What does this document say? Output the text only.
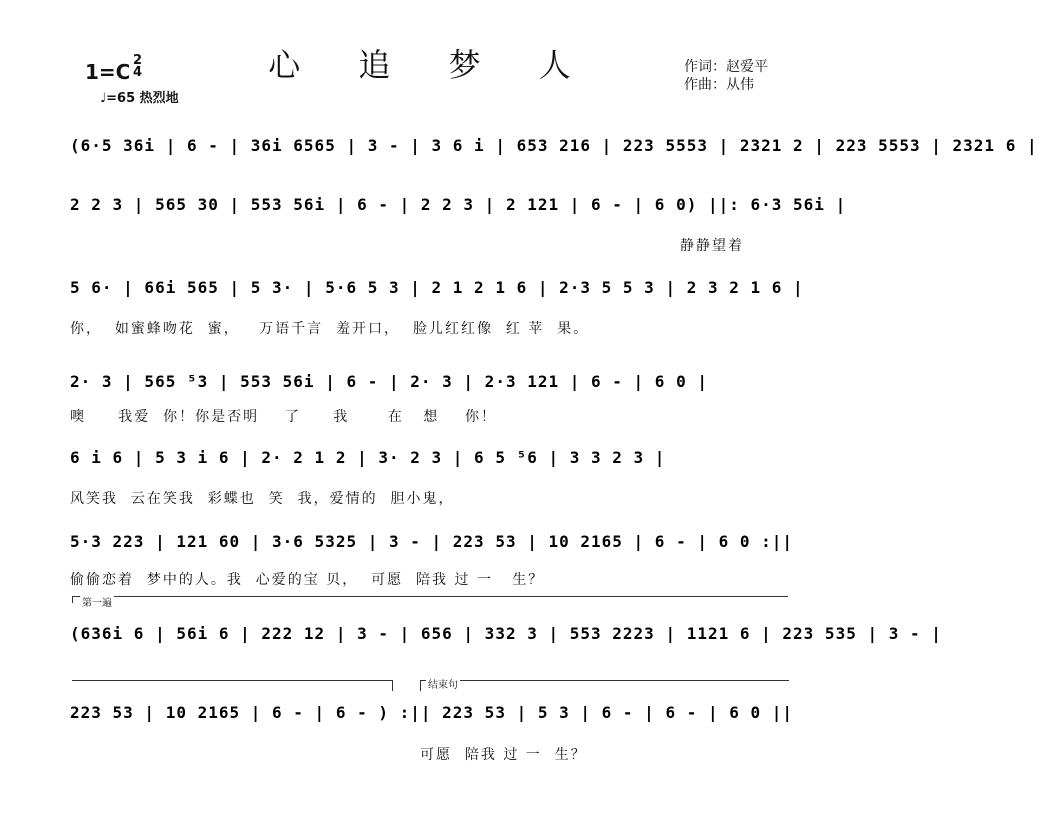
心 追 梦 人
1=C 2
4
♩=65 热烈地
作词：赵爱平
作曲：从伟
(6·5 36i | 6 - | 36i 6565 | 3 - | 3 6 i | 653 216 | 223 5553 | 2321 2 | 223 5553 | 2321 6 |
2 2 3 | 565 30 | 553 56i | 6 - | 2 2 3 | 2 121 | 6 - | 6 0) ||: 6·3 56i |
静静望着
5 6· | 66i 565 | 5 3· | 5·6 5 3 | 2 1 2 1 6 | 2·3 5 5 3 | 2 3 2 1 6 |
你，  如蜜蜂吻花  蜜，   万语千言  羞开口，  脸儿红红像  红 苹  果。
2· 3 | 565 ⁵3 | 553 56i | 6 - | 2· 3 | 2·3 121 | 6 - | 6 0 |
噢     我爱  你！你是否明    了     我      在   想    你！
6 i 6 | 5 3 i 6 | 2· 2 1 2 | 3· 2 3 | 6 5 ⁵6 | 3 3 2 3 |
风笑我  云在笑我  彩蝶也  笑  我，爱情的  胆小鬼，
5·3 223 | 121 60 | 3·6 5325 | 3 - | 223 53 | 10 2165 | 6 - | 6 0 :||
偷偷恋着  梦中的人。我  心爱的宝 贝，  可愿  陪我 过 一   生？
第一遍
(636i 6 | 56i 6 | 222 12 | 3 - | 656 | 332 3 | 553 2223 | 1121 6 | 223 535 | 3 - |
结束句
223 53 | 10 2165 | 6 - | 6 - ) :|| 223 53 | 5 3 | 6 - | 6 - | 6 0 ||
可愿  陪我 过 一  生？
